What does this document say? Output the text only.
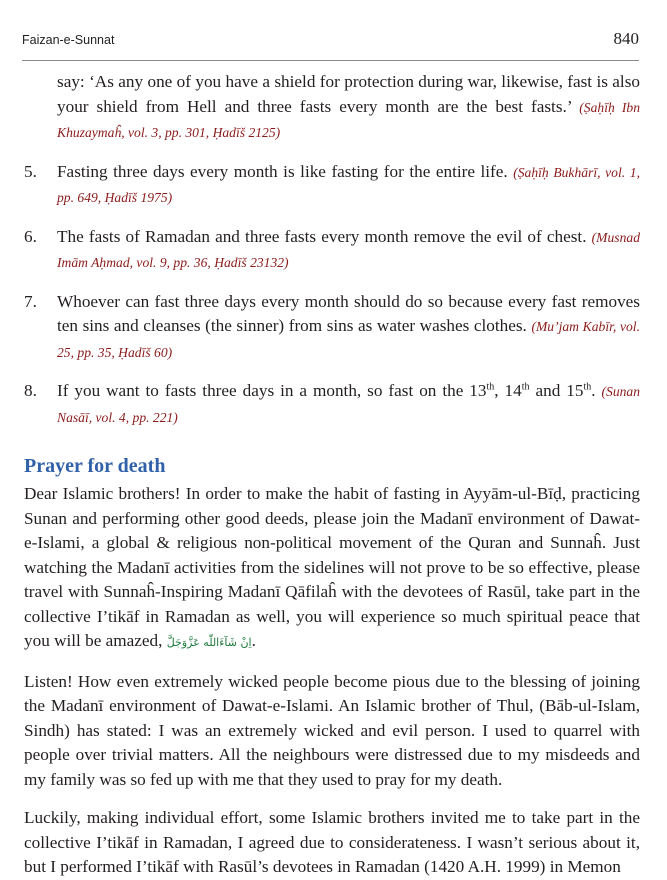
Faizan-e-Sunnat	840

say: ‘As any one of you have a shield for protection during war, likewise, fast is also your shield from Hell and three fasts every month are the best fasts.’ (Ṣaḥīḥ Ibn Khuzaymaĥ, vol. 3, pp. 301, Ḥadīš 2125)

5.	Fasting three days every month is like fasting for the entire life. (Ṣaḥīḥ Bukhārī, vol. 1, pp. 649, Ḥadīš 1975)

6.	The fasts of Ramadan and three fasts every month remove the evil of chest. (Musnad Imām Aḥmad, vol. 9, pp. 36, Ḥadīš 23132)

7.	Whoever can fast three days every month should do so because every fast removes ten sins and cleanses (the sinner) from sins as water washes clothes. (Mu’jam Kabīr, vol. 25, pp. 35, Ḥadīš 60)

8.	If you want to fasts three days in a month, so fast on the 13th, 14th and 15th. (Sunan Nasāī, vol. 4, pp. 221)

Prayer for death

Dear Islamic brothers! In order to make the habit of fasting in Ayyām-ul-Bīḍ, practicing Sunan and performing other good deeds, please join the Madanī environment of Dawat-e-Islami, a global & religious non-political movement of the Quran and Sunnaĥ. Just watching the Madanī activities from the sidelines will not prove to be so effective, please travel with Sunnaĥ-Inspiring Madanī Qāfilaĥ with the devotees of Rasūl, take part in the collective I’tikāf in Ramadan as well, you will experience so much spiritual peace that you will be amazed, اِنْ شَآءَاللّٰه عَزَّوَجَلَّ.

Listen! How even extremely wicked people become pious due to the blessing of joining the Madanī environment of Dawat-e-Islami. An Islamic brother of Thul, (Bāb-ul-Islam, Sindh) has stated: I was an extremely wicked and evil person. I used to quarrel with people over trivial matters. All the neighbours were distressed due to my misdeeds and my family was so fed up with me that they used to pray for my death.

Luckily, making individual effort, some Islamic brothers invited me to take part in the collective I’tikāf in Ramadan, I agreed due to considerateness. I wasn’t serious about it, but I performed I’tikāf with Rasūl’s devotees in Ramadan (1420 A.H. 1999) in Memon
